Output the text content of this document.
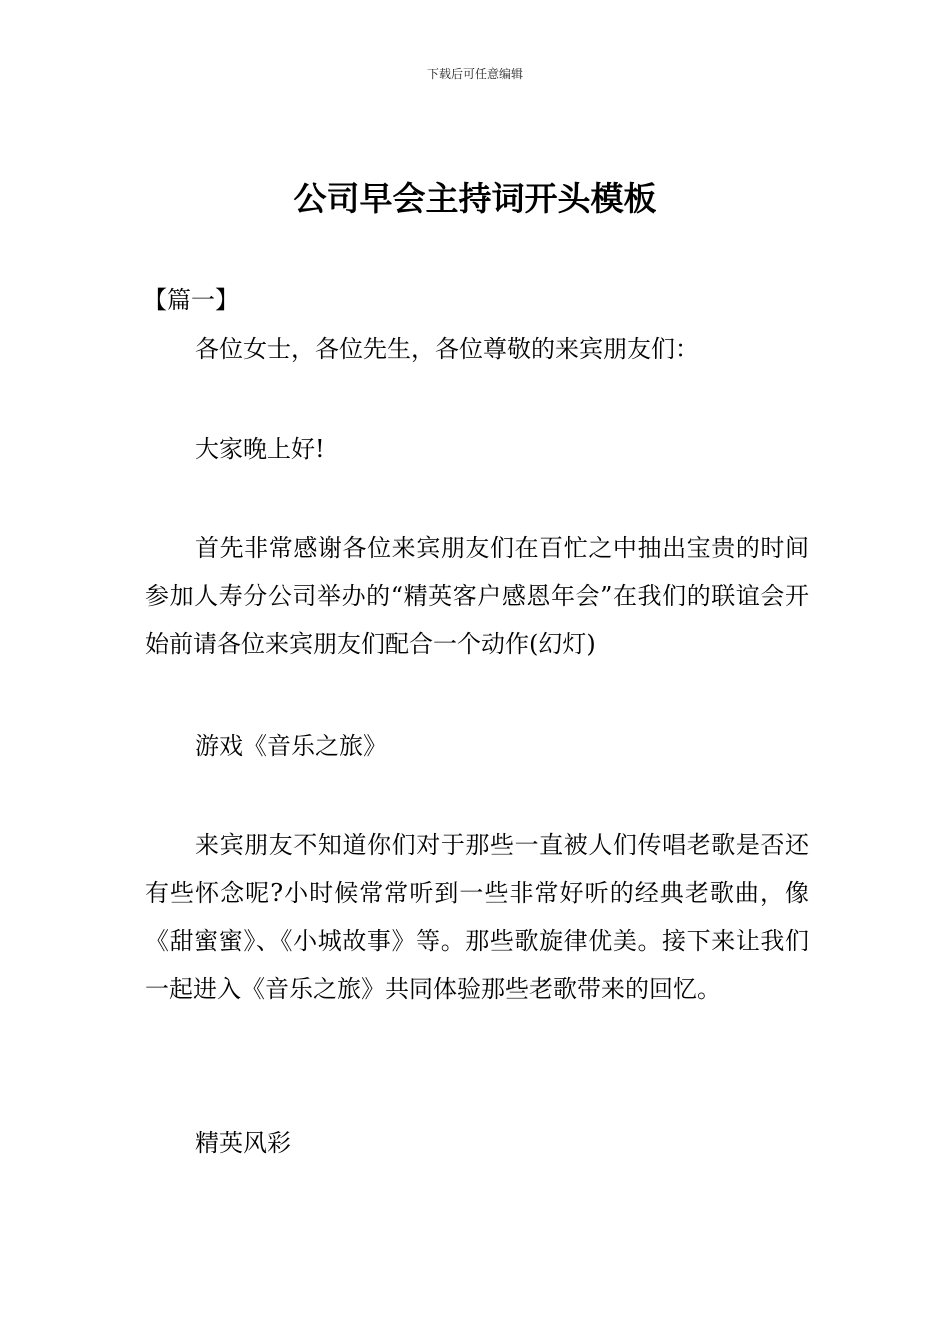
下载后可任意编辑
公司早会主持词开头模板

【篇一】

各位女士，各位先生，各位尊敬的来宾朋友们：

大家晚上好!

首先非常感谢各位来宾朋友们在百忙之中抽出宝贵的时间参加人寿分公司举办的“精英客户感恩年会”在我们的联谊会开始前请各位来宾朋友们配合一个动作(幻灯)

游戏《音乐之旅》

来宾朋友不知道你们对于那些一直被人们传唱老歌是否还有些怀念呢?小时候常常听到一些非常好听的经典老歌曲，像《甜蜜蜜》、《小城故事》等。那些歌旋律优美。接下来让我们一起进入《音乐之旅》共同体验那些老歌带来的回忆。

精英风彩
